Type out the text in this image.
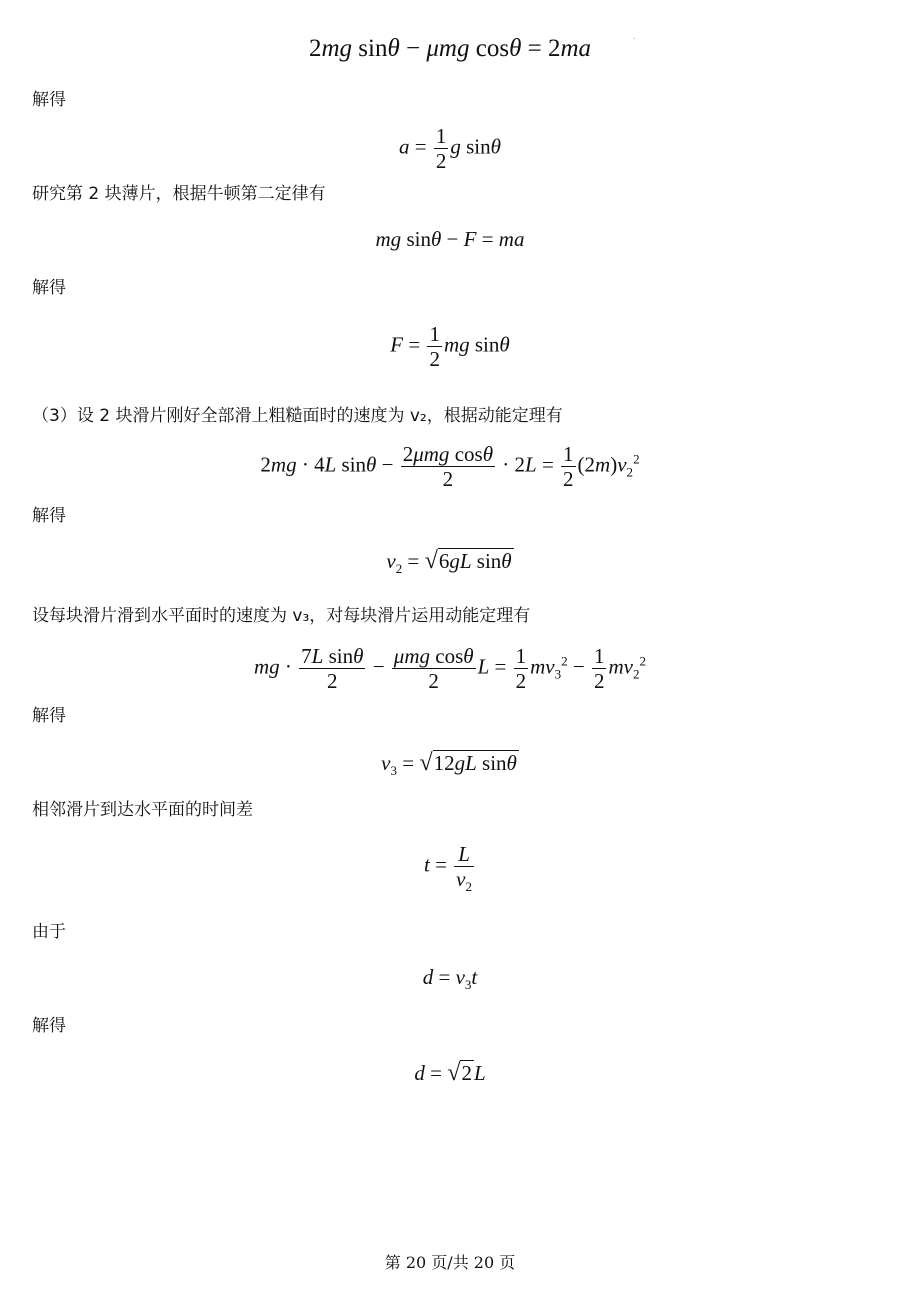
2mg sinθ − μmg cosθ = 2ma
解得
$a = \frac{1}{2}$ g sinθ
研究第 2 块薄片，根据牛顿第二定律有
mg sinθ − F = ma
解得
$F = \frac{1}{2}$ mg sinθ
（3）设 2 块滑片刚好全部滑上粗糙面时的速度为 v₂，根据动能定理有
2mg · 4L $\sin\theta - \frac{\text{2μmg cosθ}}{2} \cdot 2L = \frac{1}{2} (2m)v_2^2$
解得
$v_2 = √6gL$ sinθ
设每块滑片滑到水平面时的速度为 v₃，对每块滑片运用动能定理有
mg · $\frac{\text{7L sinθ}}{2} - \frac{\text{μmg cosθ}}{2}$ $L = \frac{1}{2} mv_3^2 - \frac{1}{2} mv_2^2$
解得
$v_3 = √12gL$ sinθ
相邻滑片到达水平面的时间差
$t = \frac{L}{v_2}$
由于
$d = v_3t$
解得
d = √2L
第 20 页/共 20 页
